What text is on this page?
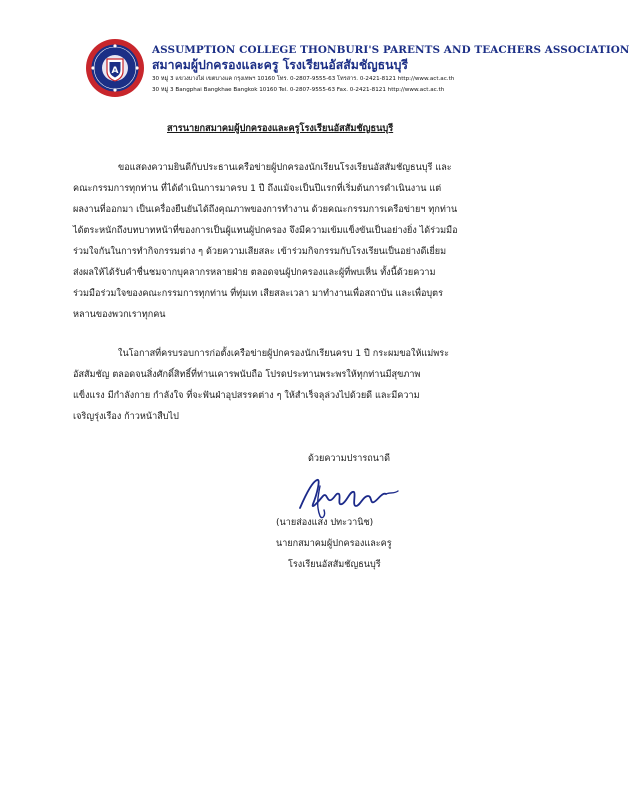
A
ASSUMPTION COLLEGE THONBURI'S PARENTS AND TEACHERS ASSOCIATION
สมาคมผู้ปกครองและครู โรงเรียนอัสสัมชัญธนบุรี
30 หมู่ 3 แขวงบางไผ่ เขตบางแค กรุงเทพฯ 10160 โทร. 0-2807-9555-63 โทรสาร. 0-2421-8121 http://www.act.ac.th
30 หมู่ 3 Bangphai Bangkhae Bangkok 10160 Tel. 0-2807-9555-63 Fax. 0-2421-8121 http://www.act.ac.th
สารนายกสมาคมผู้ปกครองและครูโรงเรียนอัสสัมชัญธนบุรี
ขอแสดงความยินดีกับประธานเครือข่ายผู้ปกครองนักเรียนโรงเรียนอัสสัมชัญธนบุรี และ
คณะกรรมการทุกท่าน ที่ได้ดำเนินการมาครบ 1 ปี ถึงแม้จะเป็นปีแรกที่เริ่มต้นการดำเนินงาน แต่
ผลงานที่ออกมา เป็นเครื่องยืนยันได้ถึงคุณภาพของการทำงาน ด้วยคณะกรรมการเครือข่ายฯ ทุกท่าน
ได้ตระหนักถึงบทบาทหน้าที่ของการเป็นผู้แทนผู้ปกครอง จึงมีความเข้มแข็งขันเป็นอย่างยิ่ง ได้ร่วมมือ
ร่วมใจกันในการทำกิจกรรมต่าง ๆ ด้วยความเสียสละ เข้าร่วมกิจกรรมกับโรงเรียนเป็นอย่างดีเยี่ยม
ส่งผลให้ได้รับคำชื่นชมจากบุคลากรหลายฝ่าย ตลอดจนผู้ปกครองและผู้ที่พบเห็น ทั้งนี้ด้วยความ
ร่วมมือร่วมใจของคณะกรรมการทุกท่าน ที่ทุ่มเท เสียสละเวลา มาทำงานเพื่อสถาบัน และเพื่อบุตร
หลานของพวกเราทุกคน
ในโอกาสที่ครบรอบการก่อตั้งเครือข่ายผู้ปกครองนักเรียนครบ 1 ปี กระผมขอให้แม่พระ
อัสสัมชัญ ตลอดจนสิ่งศักดิ์สิทธิ์ที่ท่านเคารพนับถือ โปรดประทานพระพรให้ทุกท่านมีสุขภาพ
แข็งแรง มีกำลังกาย กำลังใจ ที่จะฟันฝ่าอุปสรรคต่าง ๆ ให้สำเร็จลุล่วงไปด้วยดี และมีความ
เจริญรุ่งเรือง ก้าวหน้าสืบไป
ด้วยความปรารถนาดี
(นายส่องแสง ปทะวานิช)
นายกสมาคมผู้ปกครองและครู
โรงเรียนอัสสัมชัญธนบุรี
